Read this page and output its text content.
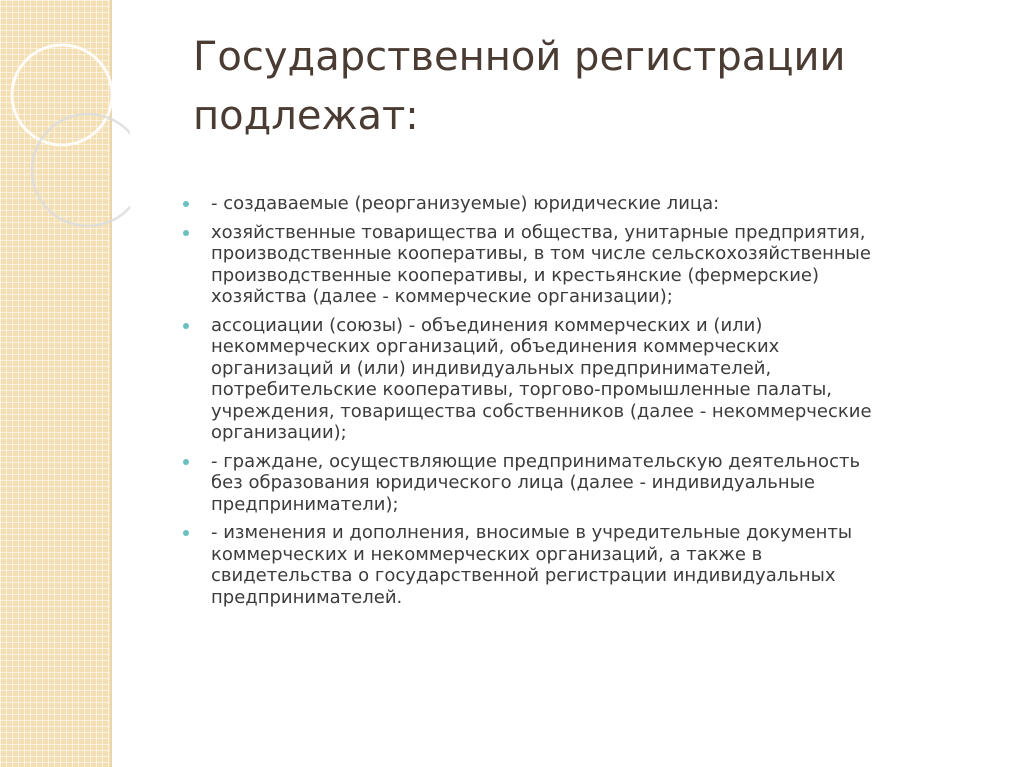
Государственной регистрации
подлежат:
- создаваемые (реорганизуемые) юридические лица:
хозяйственные товарищества и общества, унитарные предприятия,
производственные кооперативы, в том числе сельскохозяйственные
производственные кооперативы, и крестьянские (фермерские)
хозяйства (далее - коммерческие организации);
ассоциации (союзы) - объединения коммерческих и (или)
некоммерческих организаций, объединения коммерческих
организаций и (или) индивидуальных предпринимателей,
потребительские кооперативы, торгово-промышленные палаты,
учреждения, товарищества собственников (далее - некоммерческие
организации);
- граждане, осуществляющие предпринимательскую деятельность
без образования юридического лица (далее - индивидуальные
предприниматели);
- изменения и дополнения, вносимые в учредительные документы
коммерческих и некоммерческих организаций, а также в
свидетельства о государственной регистрации индивидуальных
предпринимателей.
